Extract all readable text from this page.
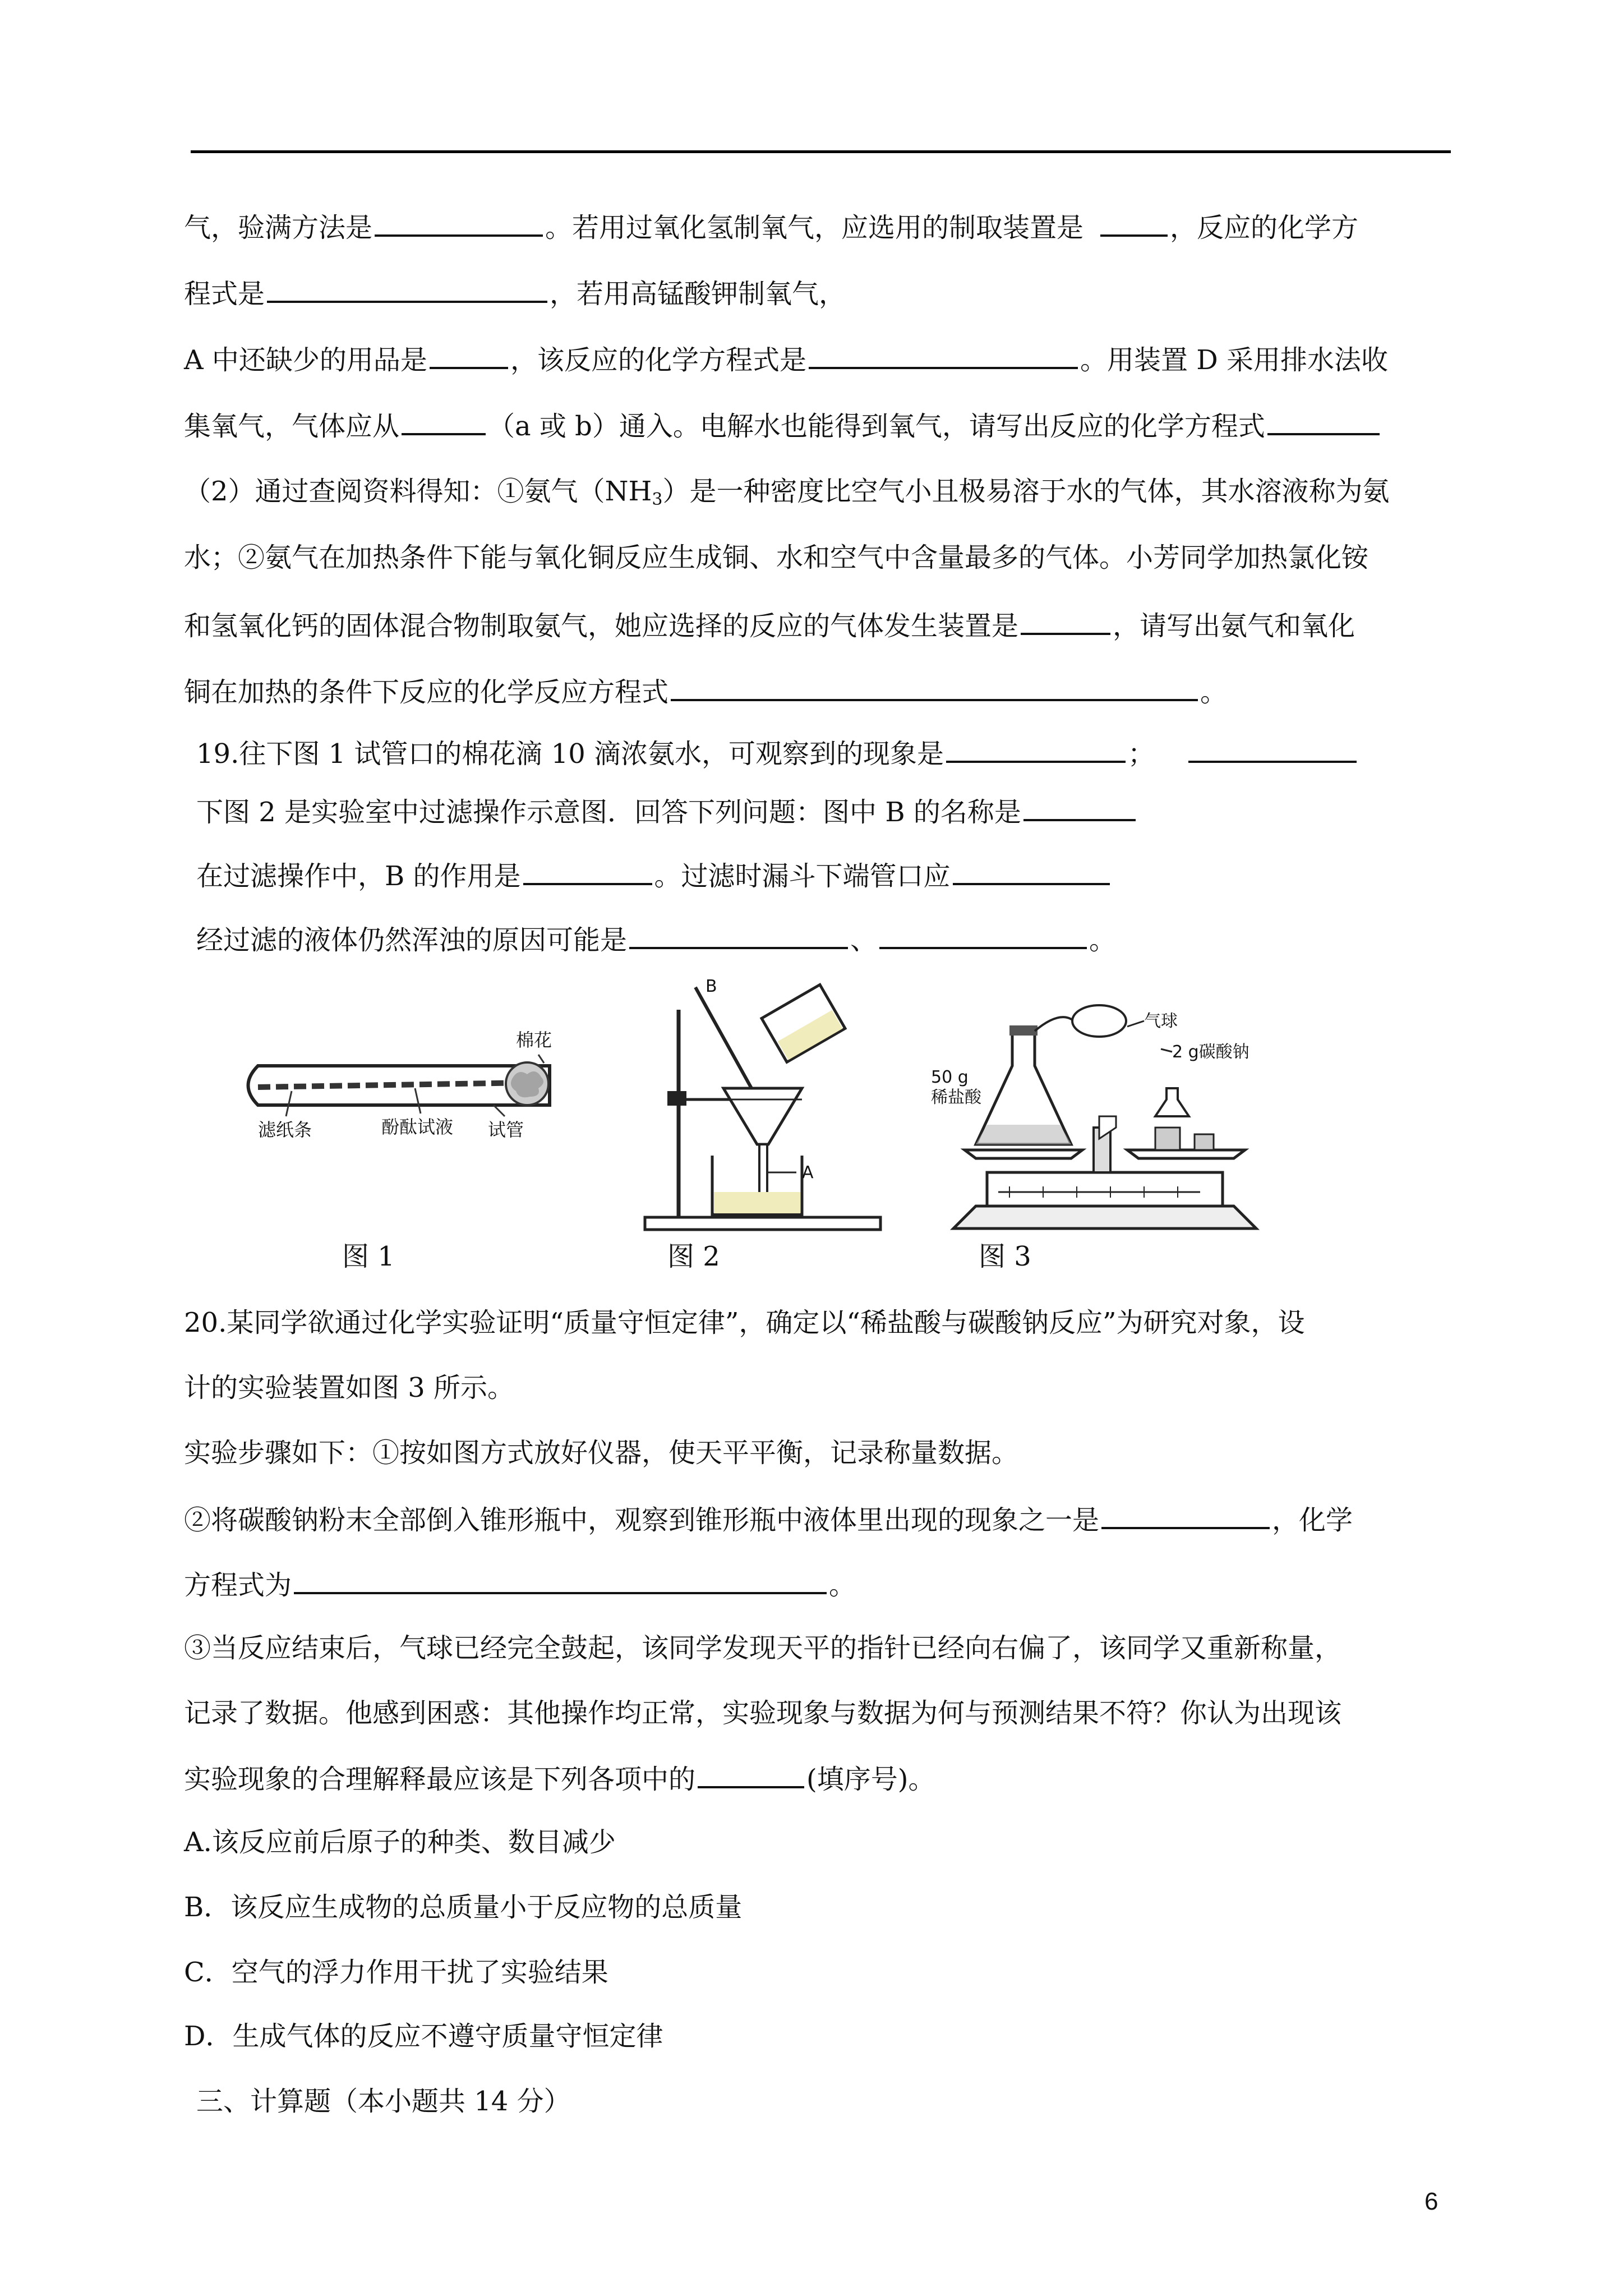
气，验满方法是	。若用过氧化氢制氧气，应选用的制取装置是	，反应的化学方
程式是	，若用高锰酸钾制氧气，
A 中还缺少的用品是	，该反应的化学方程式是	。用装置 D 采用排水法收
集氧气，气体应从	（a 或 b）通入。电解水也能得到氧气，请写出反应的化学方程式
（2）通过查阅资料得知：①氨气$(NH_3)$是一种密度比空气小且极易溶于水的气体，其水溶液称为氨
水；②氨气在加热条件下能与氧化铜反应生成铜、水和空气中含量最多的气体。小芳同学加热氯化铵
和氢氧化钙的固体混合物制取氨气，她应选择的反应的气体发生装置是	，请写出氨气和氧化
铜在加热的条件下反应的化学反应方程式	。
19.往下图 1 试管口的棉花滴 10 滴浓氨水，可观察到的现象是	；
下图 2 是实验室中过滤操作示意图．回答下列问题：图中 B 的名称是
在过滤操作中，B 的作用是	。过滤时漏斗下端管口应
经过滤的液体仍然浑浊的原因可能是	、	。
棉花
滤纸条	酚酞试液 试管
图 1
B
A
图 2
气球
2 g碳酸钠
50 g
稀盐酸
图 3
20.某同学欲通过化学实验证明“质量守恒定律”，确定以“稀盐酸与碳酸钠反应”为研究对象，设
计的实验装置如图 3 所示。
实验步骤如下：①按如图方式放好仪器，使天平平衡，记录称量数据。
②将碳酸钠粉末全部倒入锥形瓶中，观察到锥形瓶中液体里出现的现象之一是	，化学
方程式为	。
③当反应结束后，气球已经完全鼓起，该同学发现天平的指针已经向右偏了，该同学又重新称量，
记录了数据。他感到困惑：其他操作均正常，实验现象与数据为何与预测结果不符？你认为出现该
实验现象的合理解释最应该是下列各项中的	(填序号)。
A.该反应前后原子的种类、数目减少
B．该反应生成物的总质量小于反应物的总质量
C．空气的浮力作用干扰了实验结果
D．生成气体的反应不遵守质量守恒定律
三、计算题（本小题共 14 分）
6
